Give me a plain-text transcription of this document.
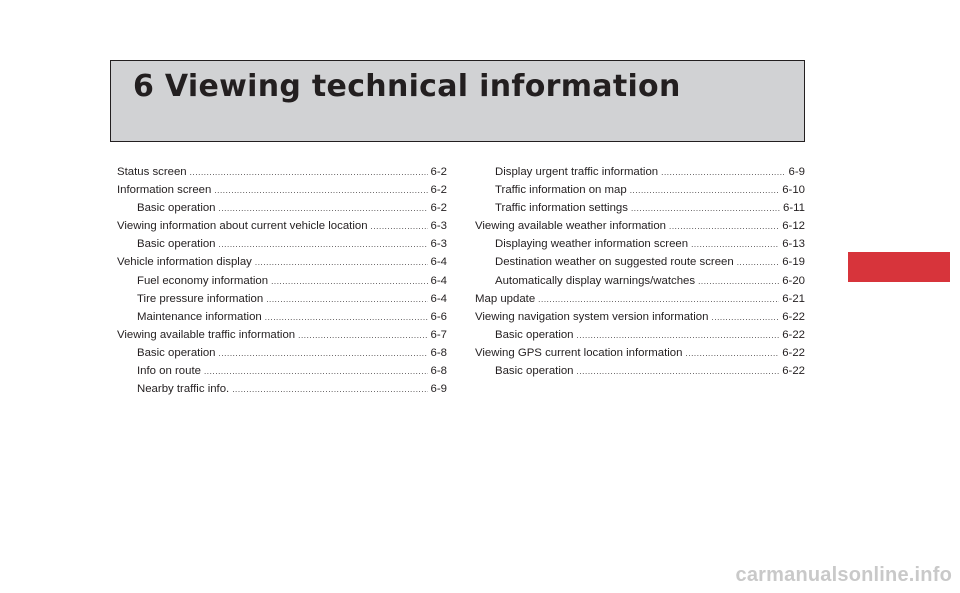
6 Viewing technical information
Status screen .....	6-2
Information screen .....	6-2
Basic operation .....	6-2
Viewing information about current vehicle location .....	6-3
Basic operation .....	6-3
Vehicle information display .....	6-4
Fuel economy information .....	6-4
Tire pressure information .....	6-4
Maintenance information .....	6-6
Viewing available traffic information .....	6-7
Basic operation .....	6-8
Info on route .....	6-8
Nearby traffic info. .....	6-9
Display urgent traffic information .....	6-9
Traffic information on map .....	6-10
Traffic information settings .....	6-11
Viewing available weather information .....	6-12
Displaying weather information screen .....	6-13
Destination weather on suggested route screen .....	6-19
Automatically display warnings/watches .....	6-20
Map update .....	6-21
Viewing navigation system version information .....	6-22
Basic operation .....	6-22
Viewing GPS current location information .....	6-22
Basic operation .....	6-22
carmanualsonline.info
